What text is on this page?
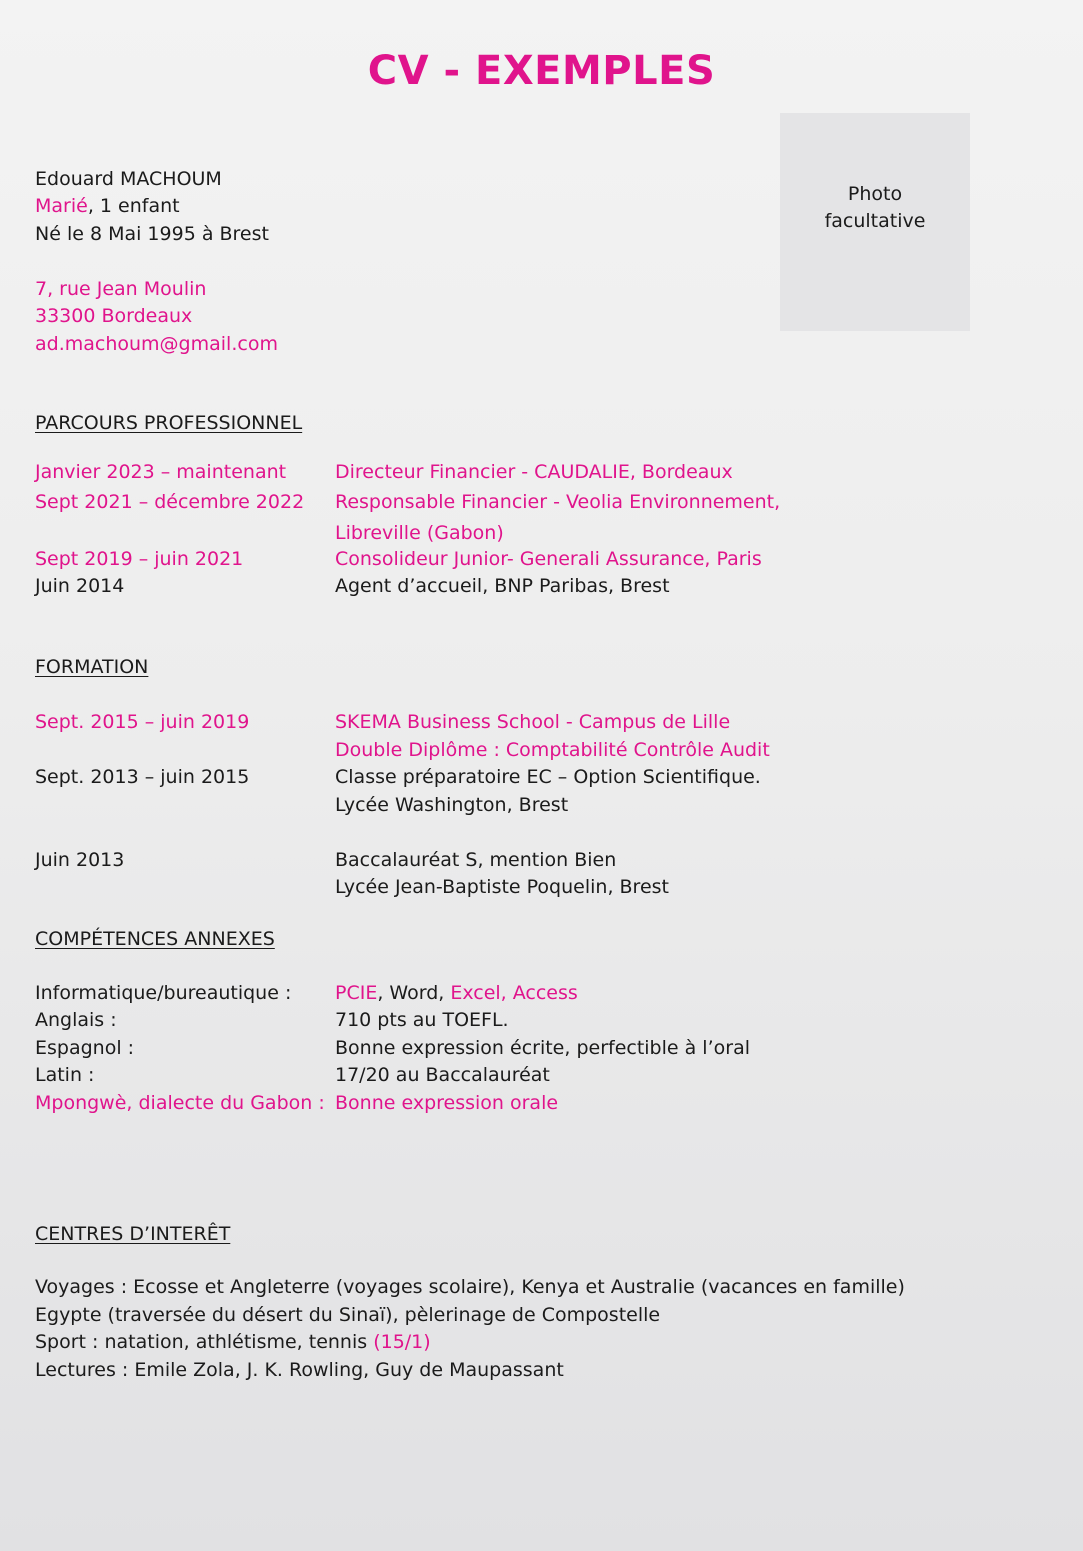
CV - EXEMPLES
Photo
facultative
Edouard MACHOUM
Marié, 1 enfant
Né le 8 Mai 1995 à Brest
7, rue Jean Moulin
33300 Bordeaux
ad.machoum@gmail.com
PARCOURS PROFESSIONNEL
Janvier 2023 – maintenant	Directeur Financier - CAUDALIE, Bordeaux
Sept 2021 – décembre 2022 Responsable Financier - Veolia Environnement,
Libreville (Gabon)
Sept 2019 – juin 2021	Consolideur Junior- Generali Assurance, Paris
Juin 2014	Agent d’accueil, BNP Paribas, Brest
FORMATION
Sept. 2015 – juin 2019	SKEMA Business School - Campus de Lille
Double Diplôme : Comptabilité Contrôle Audit
Sept. 2013 – juin 2015	Classe préparatoire EC – Option Scientifique.
Lycée Washington, Brest
Juin 2013	Baccalauréat S, mention Bien
Lycée Jean-Baptiste Poquelin, Brest
COMPÉTENCES ANNEXES
Informatique/bureautique : PCIE, Word, Excel, Access
Anglais :	710 pts au TOEFL.
Espagnol :	Bonne expression écrite, perfectible à l’oral
Latin :	17/20 au Baccalauréat
Mpongwè, dialecte du Gabon : Bonne expression orale
CENTRES D’INTERÊT
Voyages : Ecosse et Angleterre (voyages scolaire), Kenya et Australie (vacances en famille)
Egypte (traversée du désert du Sinaï), pèlerinage de Compostelle
Sport : natation, athlétisme, tennis (15/1)
Lectures : Emile Zola, J. K. Rowling, Guy de Maupassant
